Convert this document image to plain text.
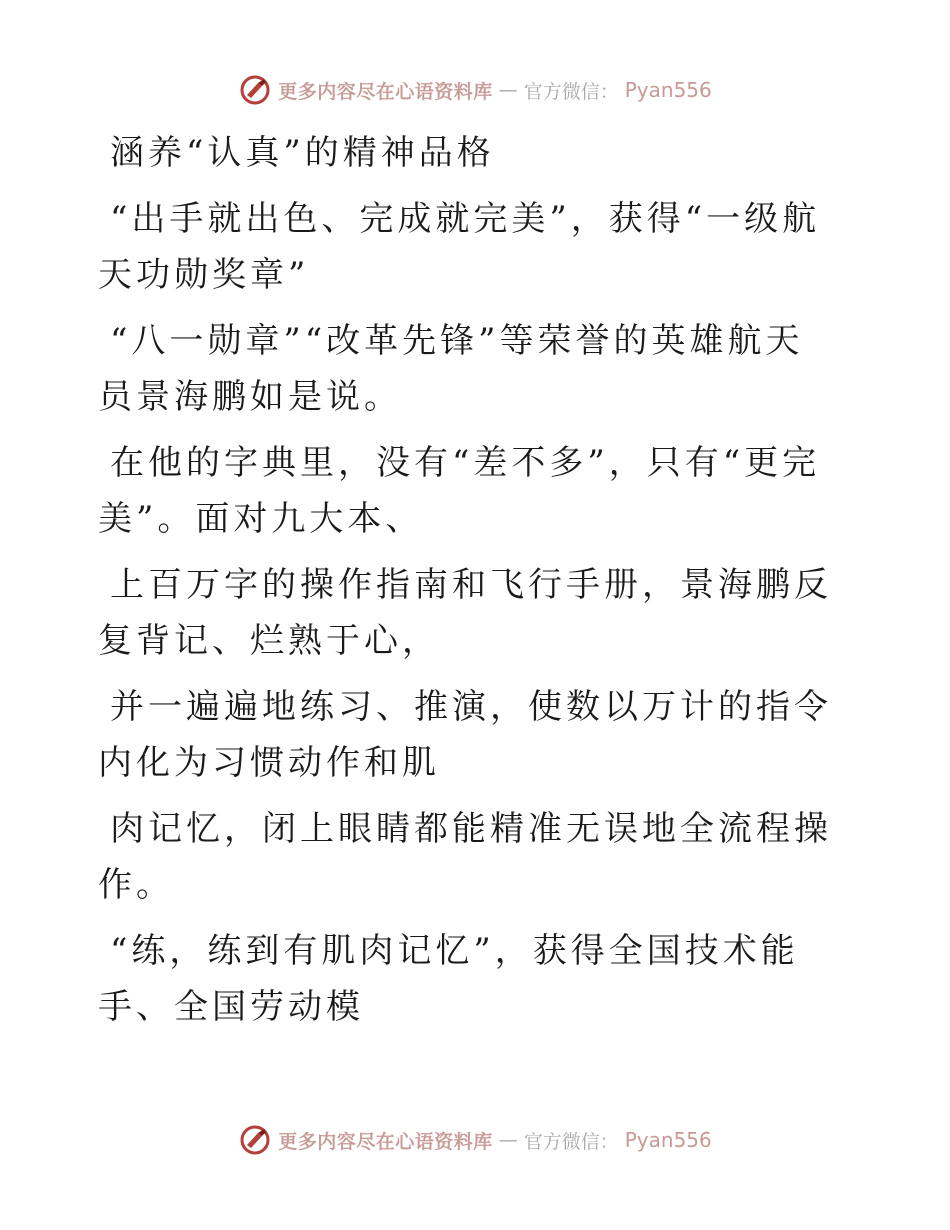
更多内容尽在心语资料库 — 官方微信： Pyan556

涵养“认真”的精神品格

“出手就出色、完成就完美”，获得“一级航天功勋奖章”

“八一勋章”“改革先锋”等荣誉的英雄航天员景海鹏如是说。

在他的字典里，没有“差不多”，只有“更完美”。面对九大本、

上百万字的操作指南和飞行手册，景海鹏反复背记、烂熟于心，

并一遍遍地练习、推演，使数以万计的指令内化为习惯动作和肌

肉记忆，闭上眼睛都能精准无误地全流程操作。

“练，练到有肌肉记忆”，获得全国技术能手、全国劳动模

更多内容尽在心语资料库 — 官方微信： Pyan556
